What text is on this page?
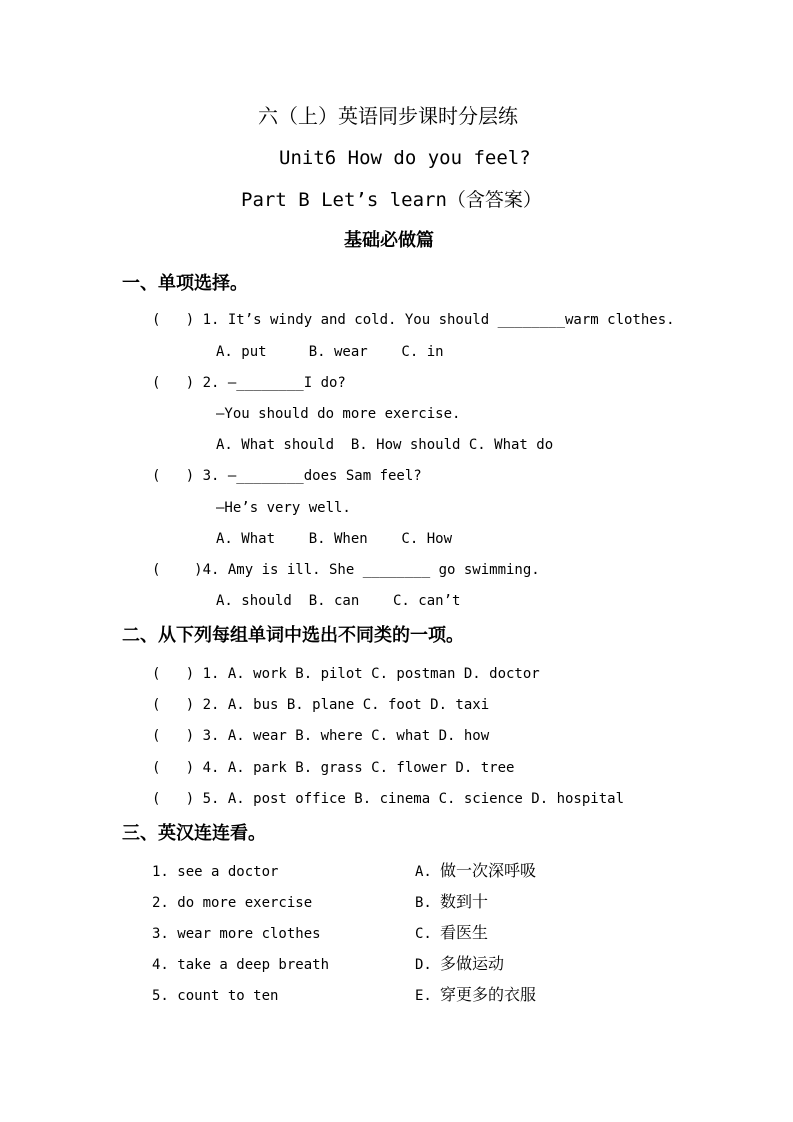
六（上）英语同步课时分层练
Unit6 How do you feel?
Part B Let’s learn（含答案）
基础必做篇
一、单项选择。
(   ) 1. It’s windy and cold. You should ________warm clothes.
A. put     B. wear    C. in
(   ) 2. —________I do?
—You should do more exercise.
A. What should  B. How should C. What do
(   ) 3. —________does Sam feel?
—He’s very well.
A. What    B. When    C. How
(    )4. Amy is ill. She ________ go swimming.
A. should  B. can    C. can’t
二、从下列每组单词中选出不同类的一项。
(   ) 1. A. work B. pilot C. postman D. doctor
(   ) 2. A. bus B. plane C. foot D. taxi
(   ) 3. A. wear B. where C. what D. how
(   ) 4. A. park B. grass C. flower D. tree
(   ) 5. A. post office B. cinema C. science D. hospital
三、英汉连连看。
1. see a doctor
2. do more exercise
3. wear more clothes
4. take a deep breath
5. count to ten
A. 做一次深呼吸
B. 数到十
C. 看医生
D. 多做运动
E. 穿更多的衣服
